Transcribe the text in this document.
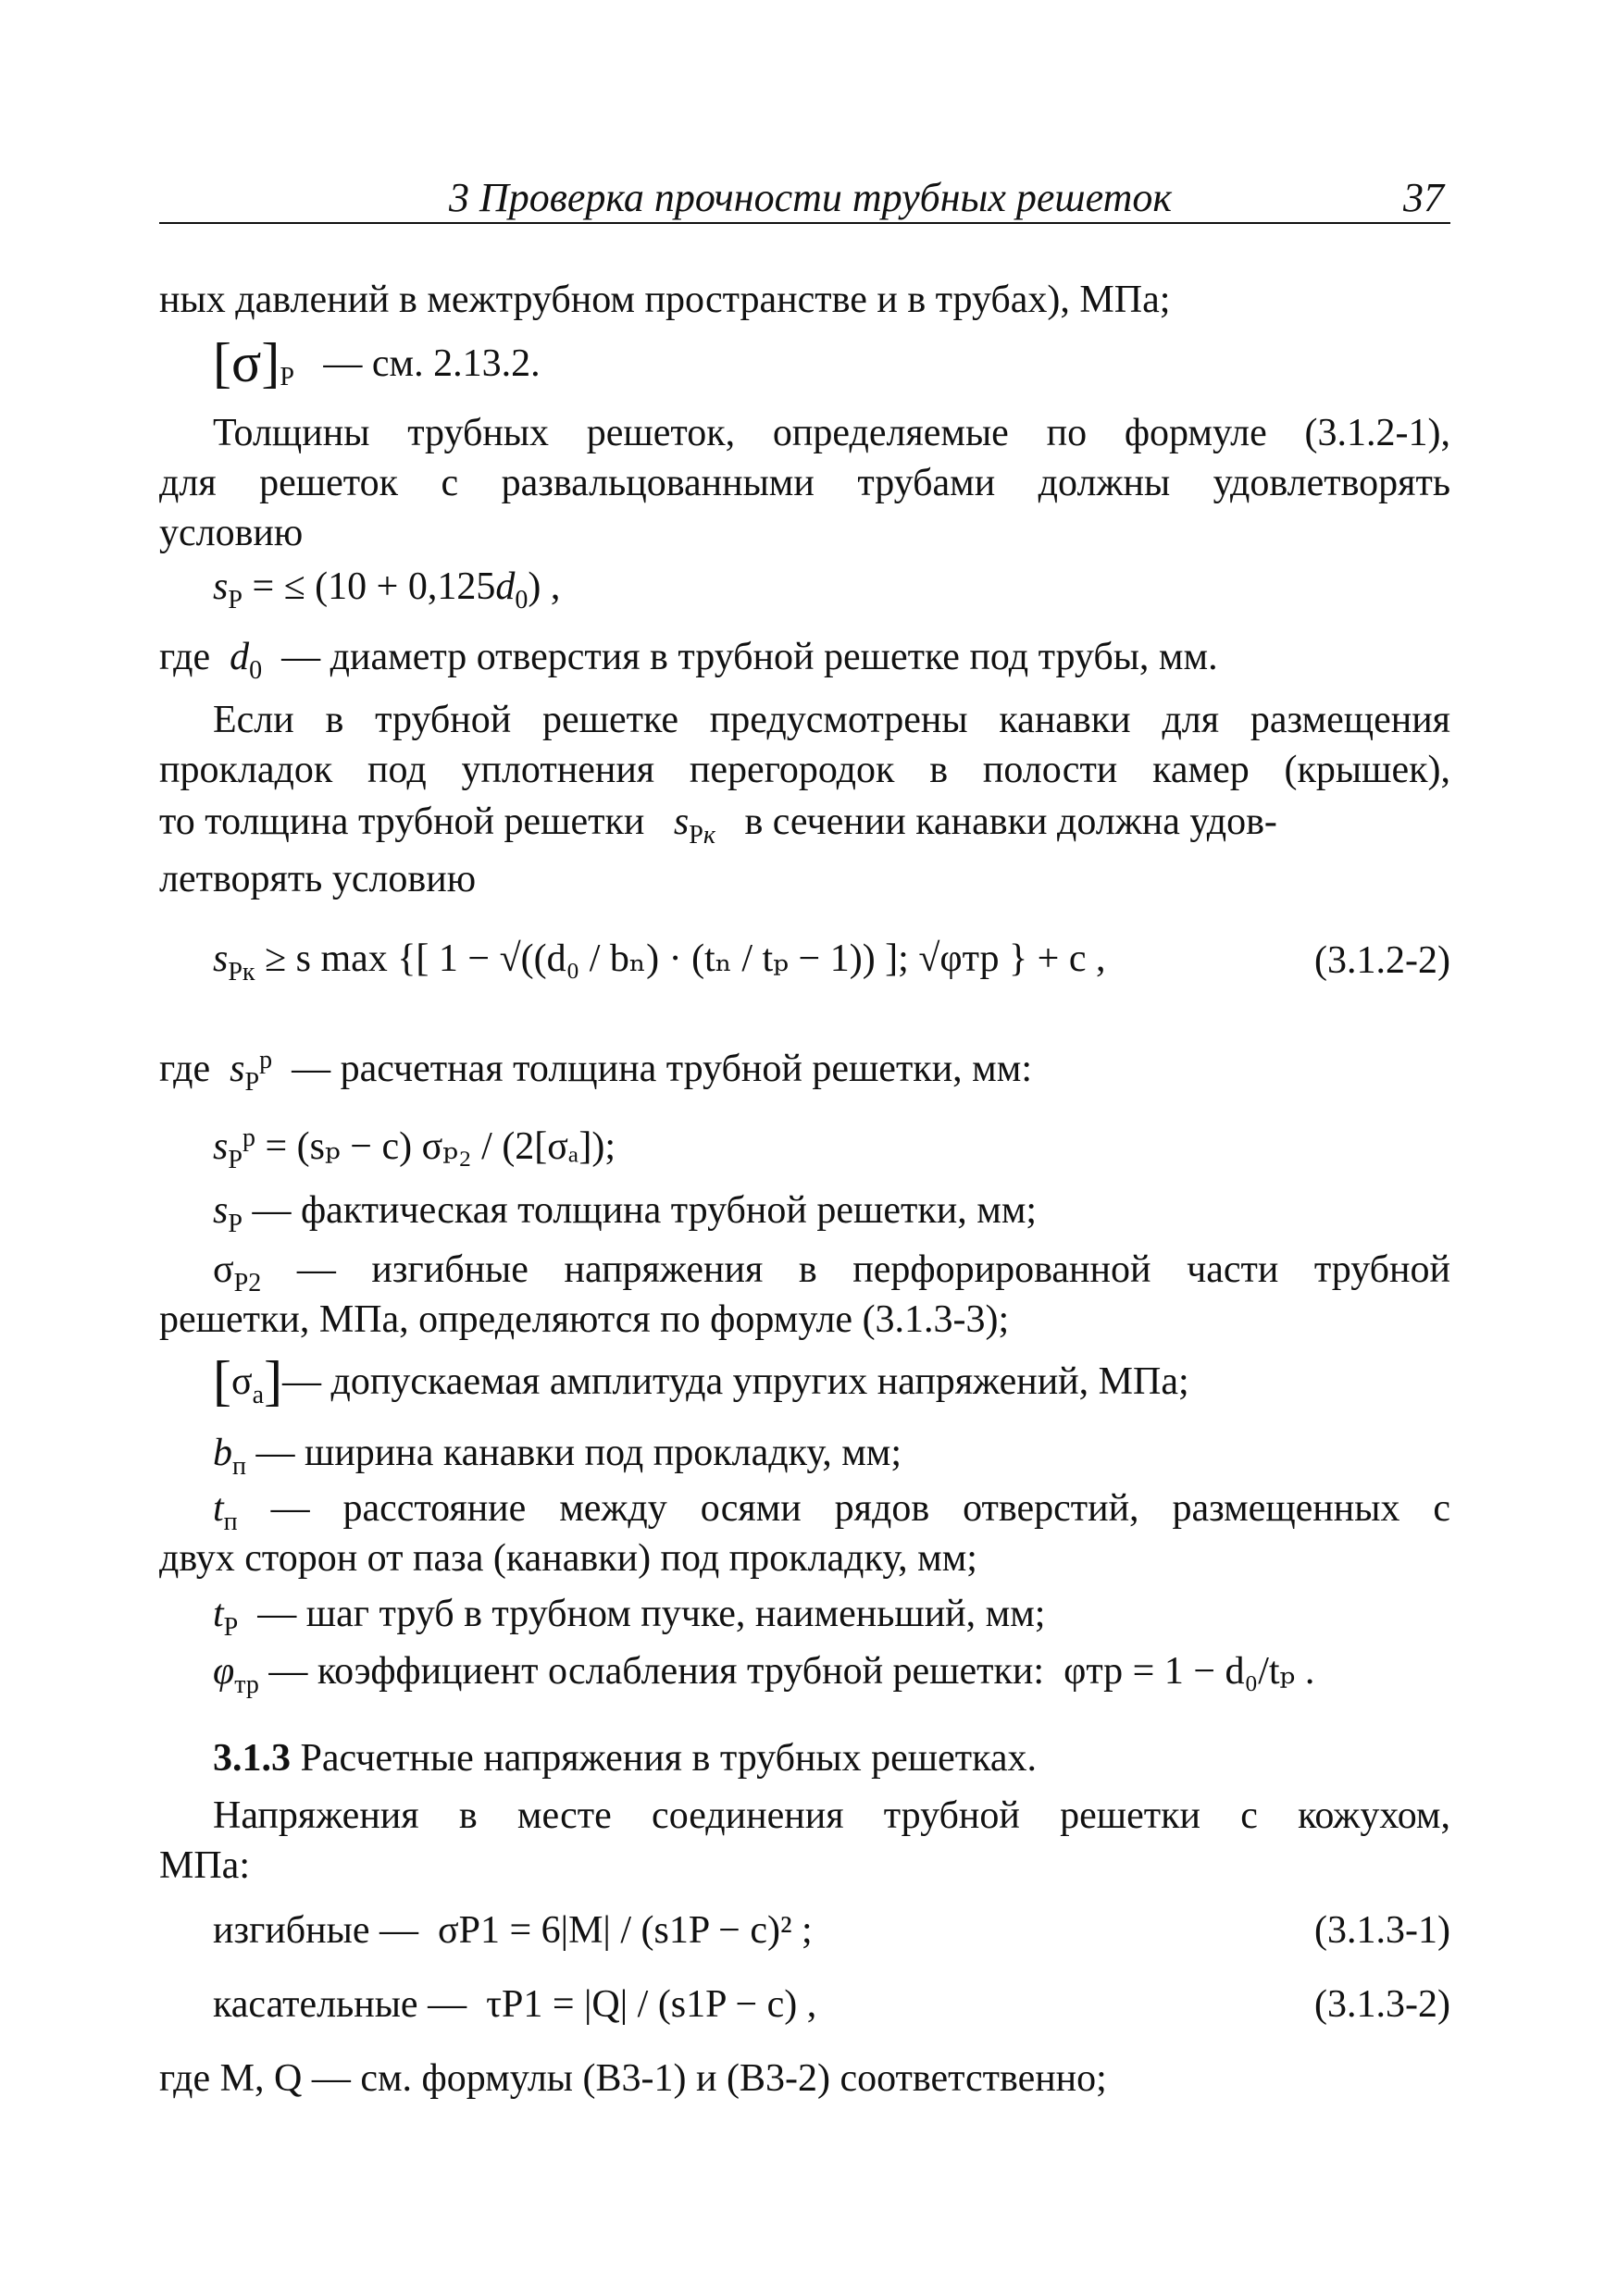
3 Проверка прочности трубных решеток	37
ных давлений в межтрубном пространстве и в трубах), МПа;
$[\sigma]_Р$ — см. 2.13.2.
Толщины трубных решеток, определяемые по формуле (3.1.2-1),
для решеток с развальцованными трубами должны удовлетворять
условию
$s_P$ = ≤ $(10 + 0,125d_0)$ ,
где $d_0$ — диаметр отверстия в трубной решетке под трубы, мм.
Если в трубной решетке предусмотрены канавки для размещения
прокладок под уплотнения перегородок в полости камер (крышек),
то толщина трубной решетки $s_{Рк}$ в сечении канавки должна удов-
летворять условию
$s_{Рк} \ge s$ max {[ 1 − √((d₀ / bₙ) · (tₙ / tₚ − 1)) ]; √φтр } + c ,	(3.1.2-2)
где $s_Р^р$ — расчетная толщина трубной решетки, мм:
$s_Р^р = (s_p - c)$ σₚ₂ / (2[σₐ]);
$s_Р$ — фактическая толщина трубной решетки, мм;
$\sigma_{Р2}$ — изгибные напряжения в перфорированной части трубной
решетки, МПа, определяются по формуле (3.1.3-3);
$[\sigma_а]—$ допускаемая амплитуда упругих напряжений, МПа;
$b_п$ — ширина канавки под прокладку, мм;
$t_п$ — расстояние между осями рядов отверстий, размещенных с
двух сторон от паза (канавки) под прокладку, мм;
$t_Р$ — шаг труб в трубном пучке, наименьший, мм;
$\varphi_{тр}$ — коэффициент ослабления трубной решетки: φтр = 1 − d₀/tₚ .
3.1.3 Расчетные напряжения в трубных решетках.
Напряжения в месте соединения трубной решетки с кожухом,
МПа:
изгибные — σP1 = 6|M| / (s1P − c)² ;	(3.1.3-1)
касательные — τP1 = |Q| / (s1P − c) ,	(3.1.3-2)
где M, Q — см. формулы (В3-1) и (В3-2) соответственно;
